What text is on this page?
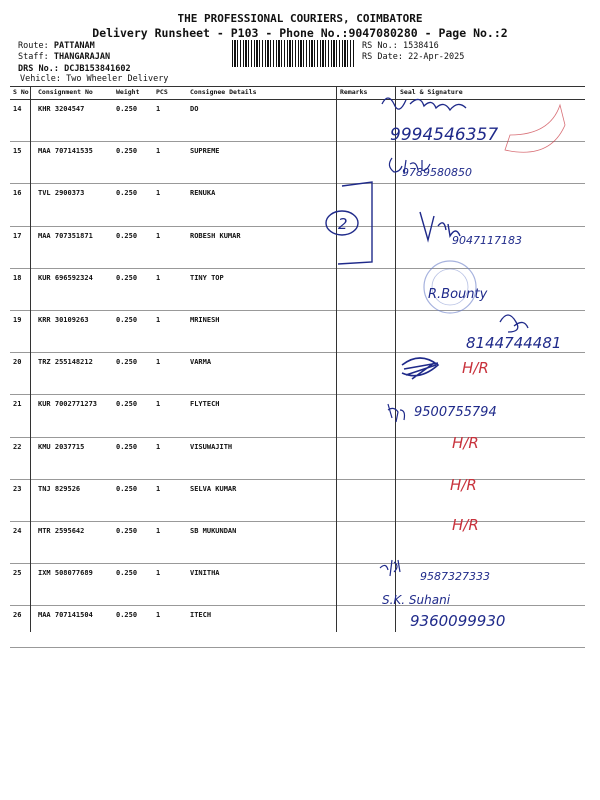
THE PROFESSIONAL COURIERS, COIMBATORE
Delivery Runsheet - P103 - Phone No.:9047080280 - Page No.:2
Route: PATTANAM
Staff: THANGARAJAN
DRS No.: DCJB153841602
Vehicle: Two Wheeler Delivery
RS No.: 1538416
RS Date: 22-Apr-2025
S No Consignment No	Weight	PCS	Consignee Details	Remarks	Seal & Signature
14 KHR 3204547	0.250	1	DO
15 MAA 707141535	0.250	1	SUPREME
16 TVL 2900373	0.250	1	RENUKA
17 MAA 707351871	0.250	1	ROBESH KUMAR
18 KUR 696592324	0.250	1	TINY TOP
19 KRR 30109263	0.250	1	MRINESH
20 TRZ 255148212	0.250	1	VARMA
21 KUR 7002771273	0.250	1	FLYTECH
22 KMU 2037715	0.250	1	VISUWAJITH
23 TNJ 829526	0.250	1	SELVA KUMAR
24 MTR 2595642	0.250	1	SB MUKUNDAN
25 IXM 508077689	0.250	1	VINITHA
26 MAA 707141504	0.250	1	ITECH
2
9994546357
9789580850
9047117183
R.Bounty
8144744481
H/R
9500755794
H/R
H/R
H/R
9587327333
S.K. Suhani
9360099930
